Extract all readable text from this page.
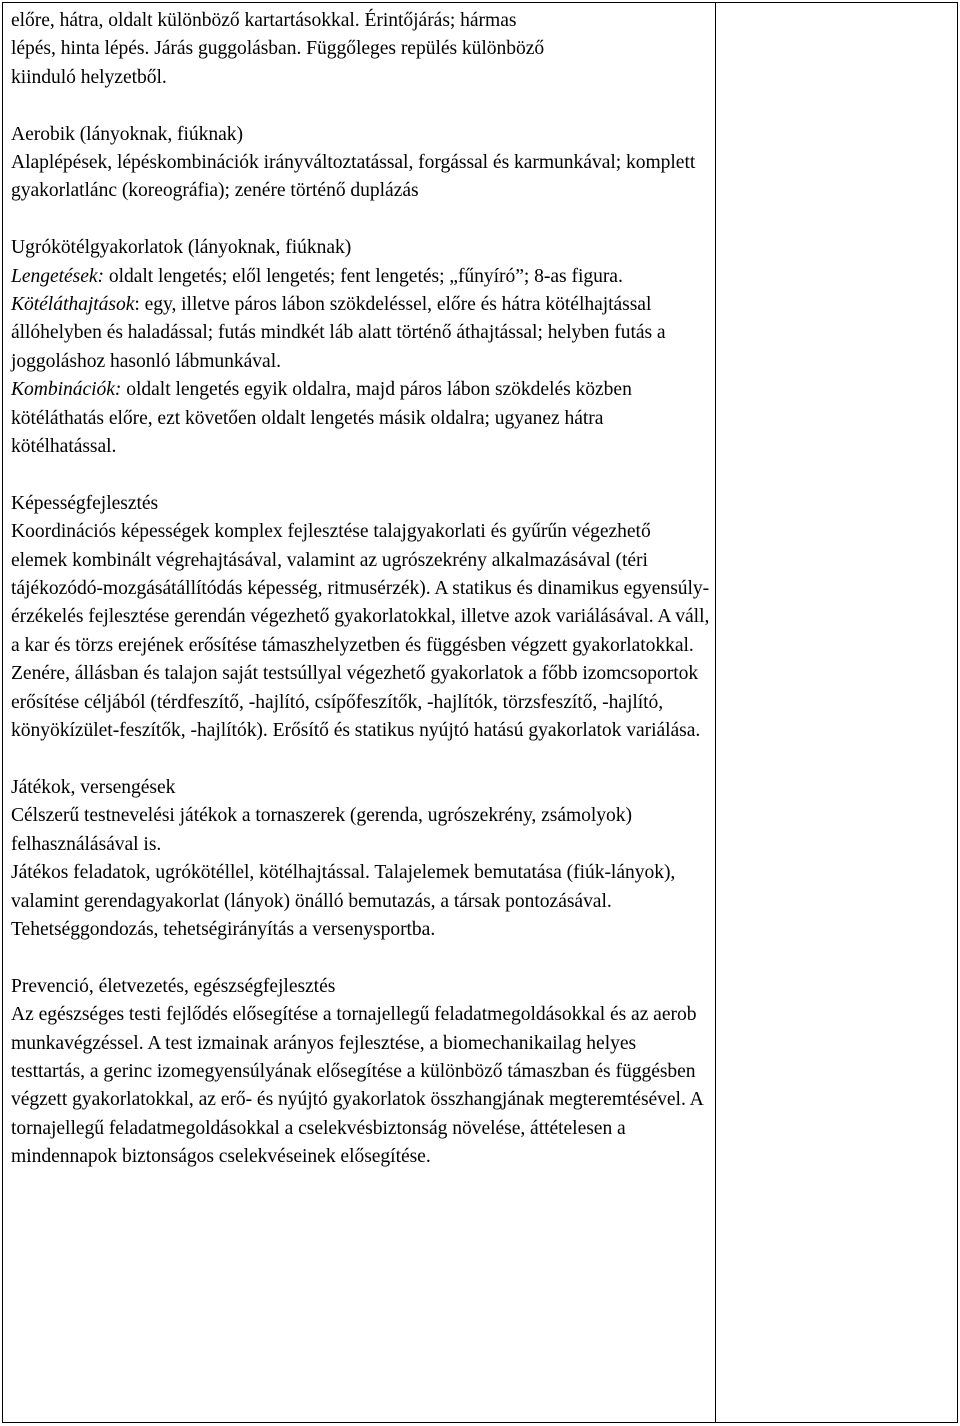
előre, hátra, oldalt különböző kartartásokkal. Érintőjárás; hármas

lépés, hinta lépés. Járás guggolásban. Függőleges repülés különböző

kiinduló helyzetből.

Aerobik (lányoknak, fiúknak)

Alaplépések, lépéskombinációk irányváltoztatással, forgással és karmunkával; komplett gyakorlatlánc (koreográfia); zenére történő duplázás

Ugrókötélgyakorlatok (lányoknak, fiúknak)

Lengetések: oldalt lengetés; elől lengetés; fent lengetés; „fűnyíró”; 8-as figura.

Kötéláthajtások: egy, illetve páros lábon szökdeléssel, előre és hátra kötélhajtással állóhelyben és haladással; futás mindkét láb alatt történő áthajtással; helyben futás a joggoláshoz hasonló lábmunkával.

Kombinációk: oldalt lengetés egyik oldalra, majd páros lábon szökdelés közben kötéláthatás előre, ezt követően oldalt lengetés másik oldalra; ugyanez hátra kötélhatással.

Képességfejlesztés

Koordinációs képességek komplex fejlesztése talajgyakorlati és gyűrűn végezhető elemek kombinált végrehajtásával, valamint az ugrószekrény alkalmazásával (téri tájékozódó-mozgásátállítódás képesség, ritmusérzék). A statikus és dinamikus egyensúly-érzékelés fejlesztése gerendán végezhető gyakorlatokkal, illetve azok variálásával. A váll, a kar és törzs erejének erősítése támaszhelyzetben és függésben végzett gyakorlatokkal. Zenére, állásban és talajon saját testsúllyal végezhető gyakorlatok a főbb izomcsoportok erősítése céljából (térdfeszítő, -hajlító, csípőfeszítők, -hajlítók, törzsfeszítő, -hajlító, könyökízület-feszítők, -hajlítók). Erősítő és statikus nyújtó hatású gyakorlatok variálása.

Játékok, versengések

Célszerű testnevelési játékok a tornaszerek (gerenda, ugrószekrény, zsámolyok) felhasználásával is.

Játékos feladatok, ugrókötéllel, kötélhajtással. Talajelemek bemutatása (fiúk-lányok), valamint gerendagyakorlat (lányok) önálló bemutazás, a társak pontozásával. Tehetséggondozás, tehetségirányítás a versenysportba.

Prevenció, életvezetés, egészségfejlesztés

Az egészséges testi fejlődés elősegítése a tornajellegű feladatmegoldásokkal és az aerob munkavégzéssel. A test izmainak arányos fejlesztése, a biomechanikailag helyes testtartás, a gerinc izomegyensúlyának elősegítése a különböző támaszban és függésben végzett gyakorlatokkal, az erő- és nyújtó gyakorlatok összhangjának megteremtésével. A tornajellegű feladatmegoldásokkal a cselekvésbiztonság növelése, áttételesen a mindennapok biztonságos cselekvéseinek elősegítése.
